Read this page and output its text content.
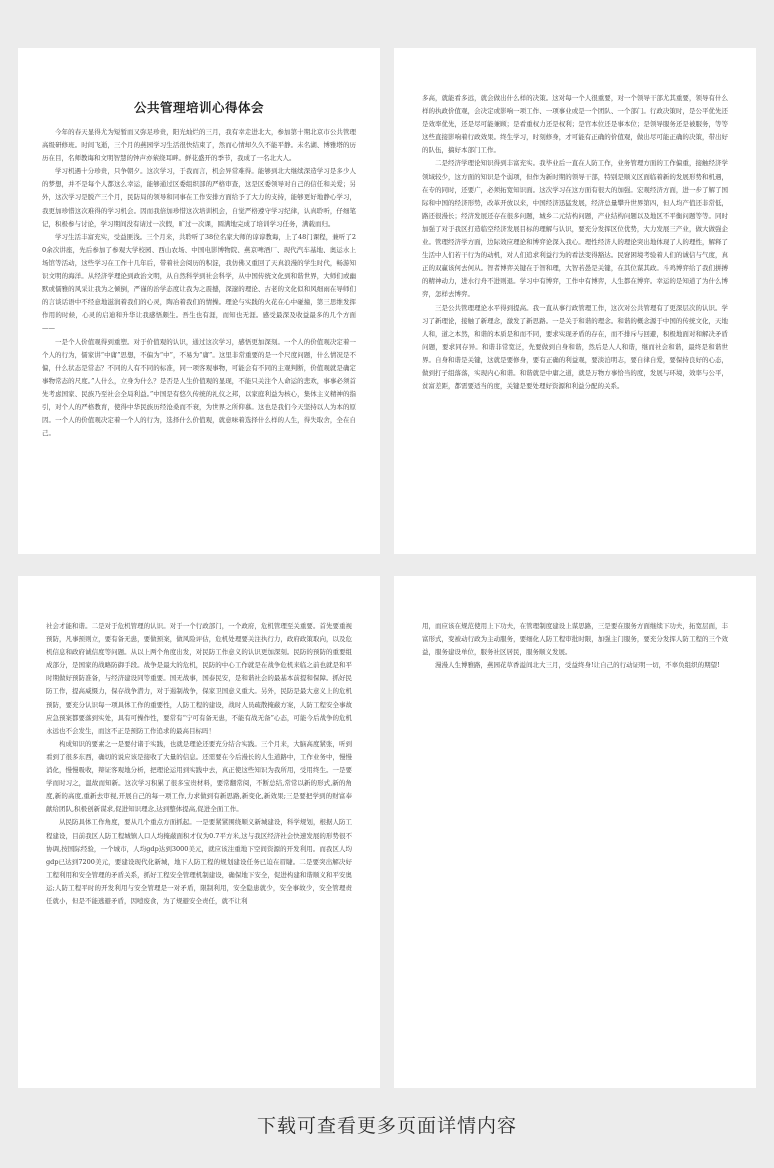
公共管理培训心得体会

今年的春天显得尤为短暂而又弥足珍贵，阳光灿烂的三月，我有幸走进北大，参加第十期北京市公共管理高级研修班。时间飞逝，三个月的燕园学习生活很快结束了，然而心情却久久不能平静。未名湖、博雅塔的历历在目，名师教诲和文明智慧的钟声亦萦绕耳畔。鲜花盛开的季节，我成了一名北大人。

学习机遇十分珍贵，只争朝夕。这次学习，于我而言，机会异常难得。能够到北大继续深造学习是多少人的梦想，并不是每个人都这么幸运，能够通过区委组织部的严格审查，这是区委领导对自己的信任和关爱；另外，这次学习是脱产三个月，民防局的领导和同事在工作安排方面给予了大力的支持，能够更好地静心学习，我更加珍惜这次难得的学习机会。因而我倍加珍惜这次培训机会，自觉严格遵守学习纪律，认真聆听，仔细笔记，积极参与讨论，学习期间没有请过一次假，旷过一次课，圆满地完成了培训学习任务，满载而归。

学习生活丰富充实，受益匪浅。三个月来，共聆听了38位名家大师的谆谆教诲，上了48门课程，兼听了20余次讲座，先后参加了参观大学校园、西山农场、中国电影博物院、燕京啤酒厂、现代汽车基地、奥运水上场馆等活动，这些学习在工作十几年后，带着社会阅历的积淀，我仿佛又重回了天真浪漫的学生时代，畅游知识文明的海洋。从经济学理论到政治文明，从自然科学到社会科学，从中国传统文化到和谐世界，大师们或幽默或儒雅的风采让我为之倾倒，严谨的治学态度让我为之震撼，深邃的理论、古老的文化似和风细雨在导师们的言谈话语中不经意地滋润着我们的心灵，陶冶着我们的情操。理论与实践的火花在心中碰撞，第三思维发挥作用的时候，心灵的启迪和升华让我感悟颇生。吾生也有涯，而知也无涯。感受最深及收益最多的几个方面——

一是个人价值观得到重塑。对于价值观的认识，通过这次学习，感悟更加深刻。一个人的价值观决定着一个人的行为，儒家讲“中庸”思想，不偏为“中”，不易为“庸”。这里非常重要的是一个尺度问题，什么情况是不偏，什么状态是常态？不同的人有不同的标准，同一项客观事物，可能会有不同的主观判断，价值观就是确定事物常态的尺度。”人什么，立身为什么？是否是人生价值观的显现，不能只关注个人命运的悲欢，事事必须首先考虑国家、民族乃至社会全局利益。”中国是有悠久传统的礼仪之邦，以家庭利益为核心，集体主义精神的指引，对个人的严格教育，使得中华民族历经沧桑而不衰，为世界之所仰慕。这也是我们今天坚持以人为本的原因。一个人的价值观决定着一个人的行为，选择什么价值观，就意味着选择什么样的人生，得失取舍，全在自己。

多高，就能看多远，就会做出什么样的决策。这对每一个人很重要，对一个领导干部尤其重要，领导有什么样的执政价值观，会决定或影响一项工作、一项事业或是一个团队、一个部门。行政决策时，是公平优先还是效率优先，还是尽可能兼顾；是看重权力还是权利；是官本位还是事本位；是领导服务还是被服务，等等这些直接影响着行政效果。终生学习，时刻修身，才可能有正确的价值观，做出尽可能正确的决策，带出好的队伍，搞好本部门工作。

二是经济学理论知识得到丰富充实。我毕业后一直在人防工作，业务管理方面的工作偏重，接触经济学领域较少，这方面的知识是个弱项，但作为新时期的领导干部，特别是顺义区面临着新的发展形势和机遇，在专的同时，还要广，必须拓宽知识面。这次学习在这方面有很大的加强。宏观经济方面，进一步了解了国际和中国的经济形势，改革开放以来，中国经济迅猛发展，经济总量攀升世界第四，但人均产值还非常低，路还很漫长；经济发展还存在很多问题，城乡二元结构问题，产业结构问题以及地区不平衡问题等等。同时加强了对于我区打造临空经济发展目标的理解与认识，要充分发挥区位优势，大力发展三产业，做大做强企业。管理经济学方面，边际效应理论和博弈论深入我心。理性经济人的理论突出地体现了人的理性，解释了生活中人们若干行为的动机，对人们追求利益行为的看法变得豁达。民窘困境考验着人们的诚信与气度，真正的双赢该何去何从。智者博弈关键在于智和理，大智若愚是关键，在其位谋其政。斗鸡博弈给了我们拼搏的精神动力，进水行舟不进则退。学习中有博弈，工作中有博弈，人生都在博弈。幸运的是知道了为什么博弈，怎样去博弈。

三是公共管理理论水平得到提高。我一直从事行政管理工作，这次对公共管理有了更深层次的认识。学习了新理论，接触了新理念，激发了新思路。一是关于和谐的理念。和谐的概念源于中国的传统文化，天地人和，道之本然，和谐的本质是和而不同，要求实现矛盾的存在，而不排斥与回避，积极地面对和解决矛盾问题，要求同存异。和谐非常宽泛，先要做到自身和谐，然后是人人和谐，继而社会和谐，最终是和谐世界。自身和谐是关键，这就是要修身，要有正确的利益观，要淡泊明志，要自律自爱，要保持良好的心态，做到打子组落落，实现内心和谐。和谐就是中庸之道，就是万物方事恰当的度，发展与环境，效率与公平，贫富差距，都需要适当的度，关键是要处理好资源和利益分配的关系。

社会才能和谐。二是对于危机管理的认识。对于一个行政部门，一个政府，危机管理至关重要。首先要重视预防，凡事预则立，要有备无患，要做预案，做风险评估，危机处理要关注执行力，政府政策取向，以及危机信息和政府诚信度等问题。从以上两个角度出发，对民防工作意义的认识更加深刻。民防的预防的重要组成部分，是国家的战略防御手段。战争是最大的危机，民防的中心工作就是在战争危机来临之前也就是和平时期做好预防准备，与经济建设同等重要。国无战事，国泰民安，是和谐社会的最基本前提和保障。抓好民防工作，提高威慑力，保存战争潜力，对于遏制战争，保家卫国意义重大。另外，民防是最大意义上的危机预防，要充分认识每一项具体工作的重要性，人防工程的建设，战时人员疏散掩蔽方案，人防工程安全事故应急预案都要落到实处，具有可操作性，要常有“宁可有备无患，不能有战无备”心态，可能今后战争的危机永远也不会发生，而这不正是预防工作追求的最高目标吗！

构成知识的要素之一是要付诸于实践，也就是理论还要充分结合实践。三个月来，大脑高度紧张，听到看到了很多东西，确切的说应该是接收了大量的信息。还需要在今后漫长的人生道路中，工作业务中，慢慢消化，慢慢吸收，辩证客观地分析，把理论运用到实践中去，真正使这些知识为我所用，受用终生。一是要学而时习之，温故而知新。这次学习积累了很多宝贵材料，要常翻常阅，不断总结,常常以新的形式,新的角度,新的高度,重新去审视,开展自己的每一项工作,力求做到有新思路,新变化,新效果;三是要把学到的财富奉献给团队,积极创新谋求,促进知识理念,达到整体提高,促进全面工作。

从民防具体工作角度，要从几个重点方面抓起。一是要紧紧围绕顺义新城建设，科学规划，根据人防工程建设，目前我区人防工程城镇人口人均掩蔽面积才仅为0.7平方米,这与我区经济社会快速发展的形势很不协调,按国际经验，一个城市，人均gdp达到3000美元，就应该注重地下空间资源的开发利用。而我区人均gdp已达到7200美元，要建设现代化新城，地下人防工程的规划建设任务已迫在眉睫。二是要突出解决好工程利用和安全管理的矛盾关系，抓好工程安全管理机制建设，确保地下安全，促进构建和谐顺义和平安奥运;人防工程平时的开发利用与安全管理是一对矛盾，限制利用，安全隐患就少，安全事故少，安全管理责任就小，但是不能逃避矛盾，因噎废食，为了规避安全责任，就不让利

用，而应该在规范使用上下功夫，在管理制度建设上谋思路，三是要在服务方面继续下功夫，拓宽层面，丰富形式，变被动行政为主动服务，要细化人防工程审批时限，加强主门服务，要充分发挥人防工程的三个效益，服务建设单位，服务社区居民，服务顺义发展。

漫漫人生博雅路，燕园花草香溢间北大三月，受益终身!让自己的行动证明一切，不辜负组织的期望!

下载可查看更多页面详情内容
